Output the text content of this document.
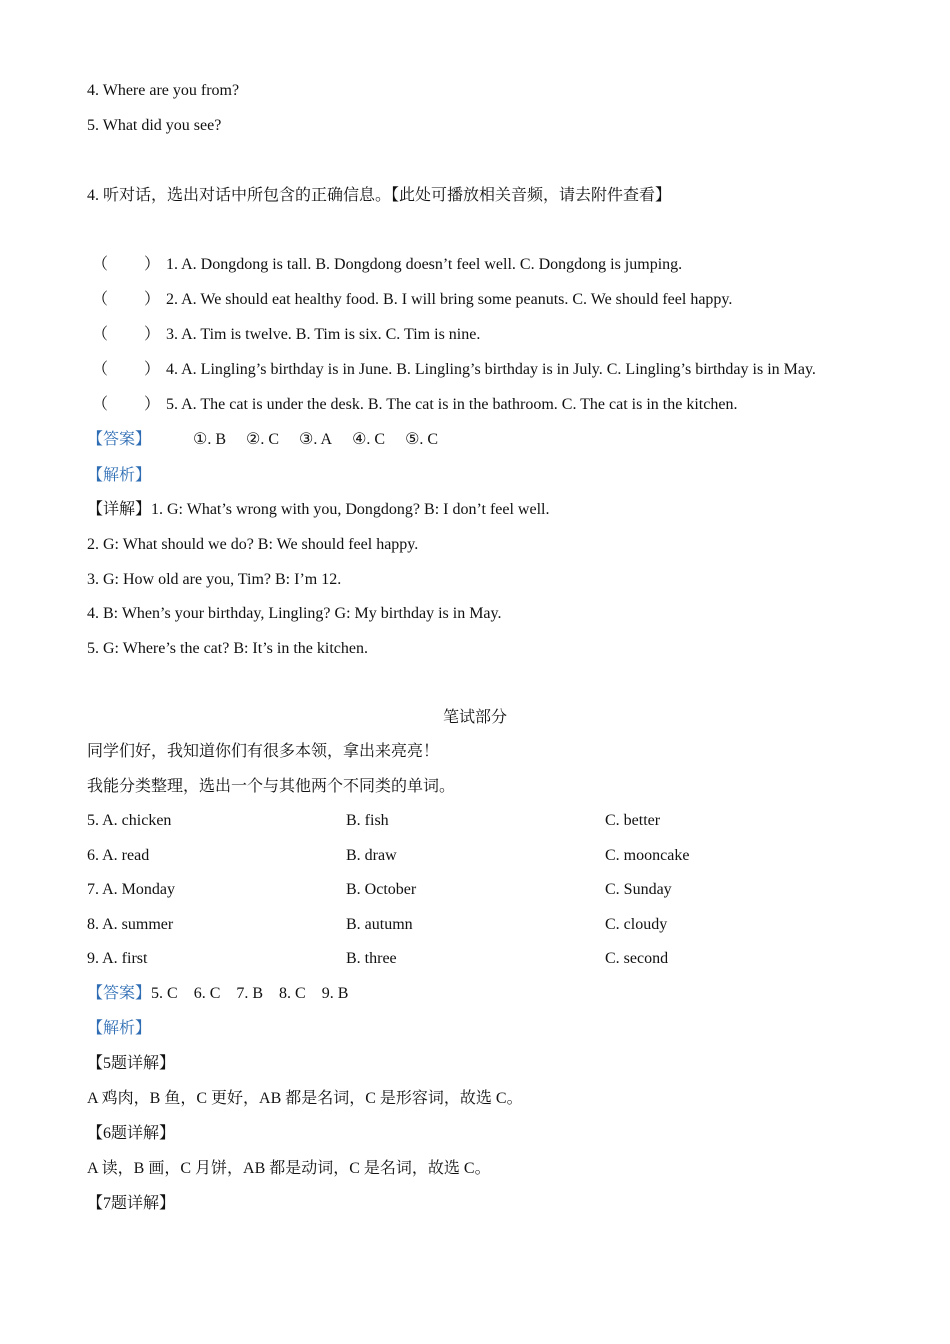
4. Where are you from?
5. What did you see?
4. 听对话，选出对话中所包含的正确信息。【此处可播放相关音频，请去附件查看】
（ ） 1. A. Dongdong is tall. B. Dongdong doesn’t feel well. C. Dongdong is jumping.
（ ） 2. A. We should eat healthy food. B. I will bring some peanuts. C. We should feel happy.
（ ） 3. A. Tim is twelve. B. Tim is six. C. Tim is nine.
（ ） 4. A. Lingling’s birthday is in June. B. Lingling’s birthday is in July. C. Lingling’s birthday is in May.
（ ） 5. A. The cat is under the desk. B. The cat is in the bathroom. C. The cat is in the kitchen.
【答案】	①. B ②. C ③. A ④. C ⑤. C
【解析】
【详解】1. G: What’s wrong with you, Dongdong? B: I don’t feel well.
2. G: What should we do? B: We should feel happy.
3. G: How old are you, Tim? B: I’m 12.
4. B: When’s your birthday, Lingling? G: My birthday is in May.
5. G: Where’s the cat? B: It’s in the kitchen.
笔试部分
同学们好，我知道你们有很多本领，拿出来亮亮！
我能分类整理，选出一个与其他两个不同类的单词。
5. A. chicken	B. fish	C. better
6. A. read	B. draw	C. mooncake
7. A. Monday	B. October	C. Sunday
8. A. summer	B. autumn	C. cloudy
9. A. first	B. three	C. second
【答案】5. C    6. C    7. B    8. C    9. B
【解析】
【5题详解】
A 鸡肉，B 鱼，C 更好，AB 都是名词，C 是形容词，故选 C。
【6题详解】
A 读，B 画，C 月饼，AB 都是动词，C 是名词，故选 C。
【7题详解】
